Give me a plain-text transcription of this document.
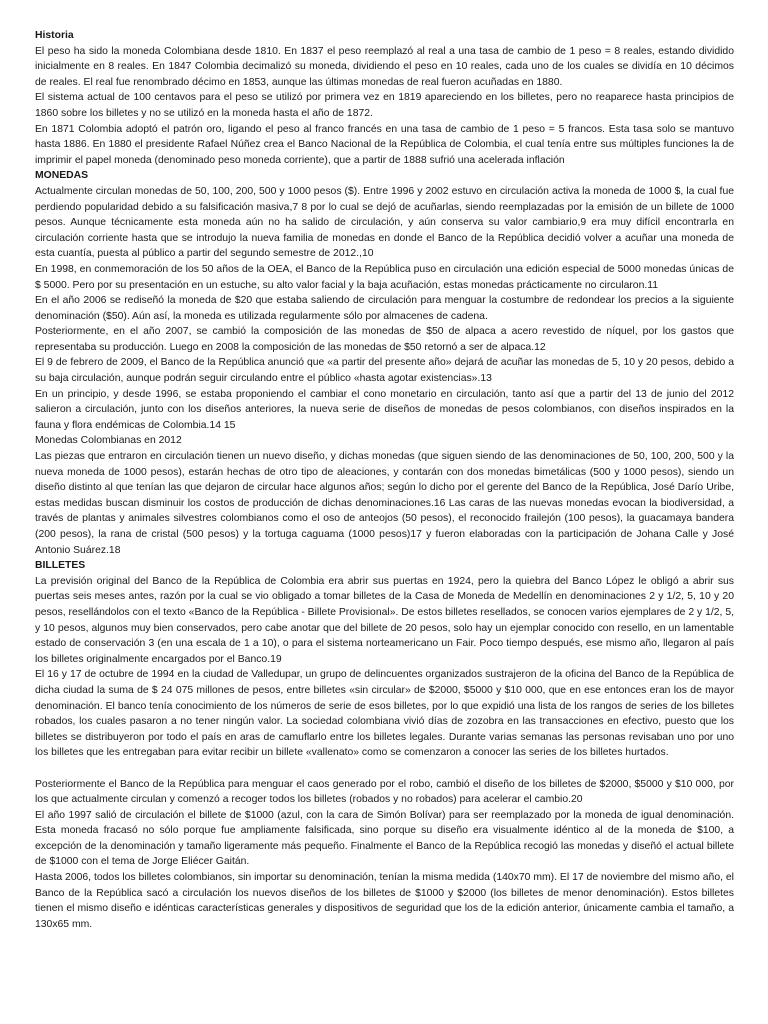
Historia

El peso ha sido la moneda Colombiana desde 1810. En 1837 el peso reemplazó al real a una tasa de cambio de 1 peso = 8 reales, estando dividido inicialmente en 8 reales. En 1847 Colombia decimalizó su moneda, dividiendo el peso en 10 reales, cada uno de los cuales se dividía en 10 décimos de reales. El real fue renombrado décimo en 1853, aunque las últimas monedas de real fueron acuñadas en 1880.

El sistema actual de 100 centavos para el peso se utilizó por primera vez en 1819 apareciendo en los billetes, pero no reaparece hasta principios de 1860 sobre los billetes y no se utilizó en la moneda hasta el año de 1872.

En 1871 Colombia adoptó el patrón oro, ligando el peso al franco francés en una tasa de cambio de 1 peso = 5 francos. Esta tasa solo se mantuvo hasta 1886. En 1880 el presidente Rafael Núñez crea el Banco Nacional de la República de Colombia, el cual tenía entre sus múltiples funciones la de imprimir el papel moneda (denominado peso moneda corriente), que a partir de 1888 sufrió una acelerada inflación

MONEDAS

Actualmente circulan monedas de 50, 100, 200, 500 y 1000 pesos ($). Entre 1996 y 2002 estuvo en circulación activa la moneda de 1000 $, la cual fue perdiendo popularidad debido a su falsificación masiva,7 8 por lo cual se dejó de acuñarlas, siendo reemplazadas por la emisión de un billete de 1000 pesos. Aunque técnicamente esta moneda aún no ha salido de circulación, y aún conserva su valor cambiario,9 era muy difícil encontrarla en circulación corriente hasta que se introdujo la nueva familia de monedas en donde el Banco de la República decidió volver a acuñar una moneda de esta cuantía, puesta al público a partir del segundo semestre de 2012.,10

En 1998, en conmemoración de los 50 años de la OEA, el Banco de la República puso en circulación una edición especial de 5000 monedas únicas de $ 5000. Pero por su presentación en un estuche, su alto valor facial y la baja acuñación, estas monedas prácticamente no circularon.11

En el año 2006 se rediseñó la moneda de $20 que estaba saliendo de circulación para menguar la costumbre de redondear los precios a la siguiente denominación ($50). Aún así, la moneda es utilizada regularmente sólo por almacenes de cadena.

Posteriormente, en el año 2007, se cambió la composición de las monedas de $50 de alpaca a acero revestido de níquel, por los gastos que representaba su producción. Luego en 2008 la composición de las monedas de $50 retornó a ser de alpaca.12

El 9 de febrero de 2009, el Banco de la República anunció que «a partir del presente año» dejará de acuñar las monedas de 5, 10 y 20 pesos, debido a su baja circulación, aunque podrán seguir circulando entre el público «hasta agotar existencias».13

En un principio, y desde 1996, se estaba proponiendo el cambiar el cono monetario en circulación, tanto así que a partir del 13 de junio del 2012 salieron a circulación, junto con los diseños anteriores, la nueva serie de diseños de monedas de pesos colombianos, con diseños inspirados en la fauna y flora endémicas de Colombia.14 15

Monedas Colombianas en 2012

Las piezas que entraron en circulación tienen un nuevo diseño, y dichas monedas (que siguen siendo de las denominaciones de 50, 100, 200, 500 y la nueva moneda de 1000 pesos), estarán hechas de otro tipo de aleaciones, y contarán con dos monedas bimetálicas (500 y 1000 pesos), siendo un diseño distinto al que tenían las que dejaron de circular hace algunos años; según lo dicho por el gerente del Banco de la República, José Darío Uribe, estas medidas buscan disminuir los costos de producción de dichas denominaciones.16 Las caras de las nuevas monedas evocan la biodiversidad, a través de plantas y animales silvestres colombianos como el oso de anteojos (50 pesos), el reconocido frailejón (100 pesos), la guacamaya bandera (200 pesos), la rana de cristal (500 pesos) y la tortuga caguama (1000 pesos)17 y fueron elaboradas con la participación de Johana Calle y José Antonio Suárez.18

BILLETES

La previsión original del Banco de la República de Colombia era abrir sus puertas en 1924, pero la quiebra del Banco López le obligó a abrir sus puertas seis meses antes, razón por la cual se vio obligado a tomar billetes de la Casa de Moneda de Medellín en denominaciones 2 y 1/2, 5, 10 y 20 pesos, resellándolos con el texto «Banco de la República - Billete Provisional». De estos billetes resellados, se conocen varios ejemplares de 2 y 1/2, 5, y 10 pesos, algunos muy bien conservados, pero cabe anotar que del billete de 20 pesos, solo hay un ejemplar conocido con resello, en un lamentable estado de conservación 3 (en una escala de 1 a 10), o para el sistema norteamericano un Fair. Poco tiempo después, ese mismo año, llegaron al país los billetes originalmente encargados por el Banco.19

El 16 y 17 de octubre de 1994 en la ciudad de Valledupar, un grupo de delincuentes organizados sustrajeron de la oficina del Banco de la República de dicha ciudad la suma de $ 24 075 millones de pesos, entre billetes «sin circular» de $2000, $5000 y $10 000, que en ese entonces eran los de mayor denominación. El banco tenía conocimiento de los números de serie de esos billetes, por lo que expidió una lista de los rangos de series de los billetes robados, los cuales pasaron a no tener ningún valor. La sociedad colombiana vivió días de zozobra en las transacciones en efectivo, puesto que los billetes se distribuyeron por todo el país en aras de camuflarlo entre los billetes legales. Durante varias semanas las personas revisaban uno por uno los billetes que les entregaban para evitar recibir un billete «vallenato» como se comenzaron a conocer las series de los billetes hurtados.

Posteriormente el Banco de la República para menguar el caos generado por el robo, cambió el diseño de los billetes de $2000, $5000 y $10 000, por los que actualmente circulan y comenzó a recoger todos los billetes (robados y no robados) para acelerar el cambio.20

El año 1997 salió de circulación el billete de $1000 (azul, con la cara de Simón Bolívar) para ser reemplazado por la moneda de igual denominación. Esta moneda fracasó no sólo porque fue ampliamente falsificada, sino porque su diseño era visualmente idéntico al de la moneda de $100, a excepción de la denominación y tamaño ligeramente más pequeño. Finalmente el Banco de la República recogió las monedas y diseñó el actual billete de $1000 con el tema de Jorge Eliécer Gaitán.

Hasta 2006, todos los billetes colombianos, sin importar su denominación, tenían la misma medida (140x70 mm). El 17 de noviembre del mismo año, el Banco de la República sacó a circulación los nuevos diseños de los billetes de $1000 y $2000 (los billetes de menor denominación). Estos billetes tienen el mismo diseño e idénticas características generales y dispositivos de seguridad que los de la edición anterior, únicamente cambia el tamaño, a 130x65 mm.
